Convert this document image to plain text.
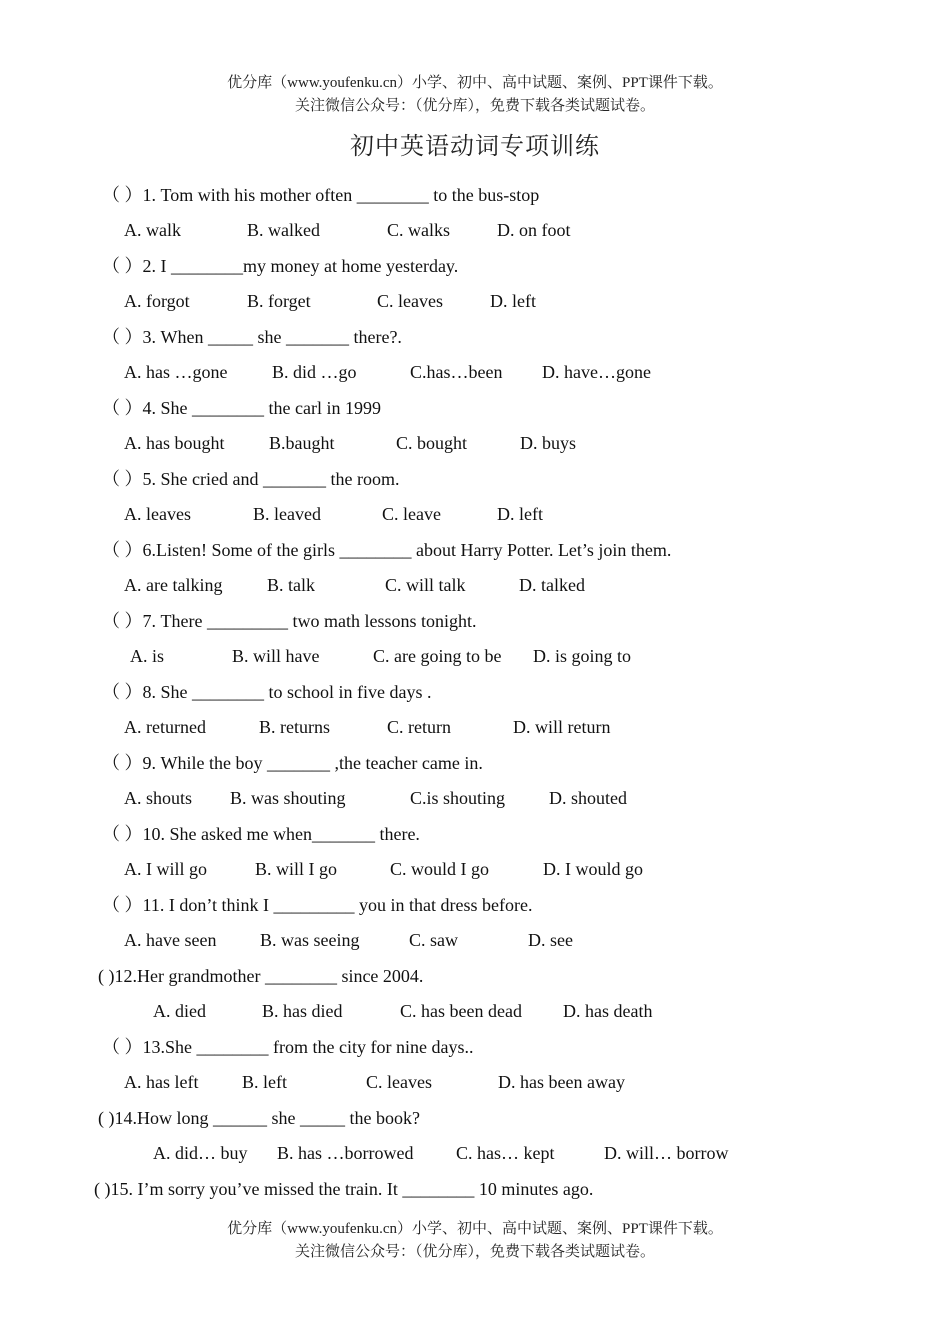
优分库（www.youfenku.cn）小学、初中、高中试题、案例、PPT课件下载。
关注微信公众号：（优分库），免费下载各类试题试卷。
初中英语动词专项训练
（ ）1. Tom with his mother often ________ to the bus-stop
A. walk	B. walked	C. walks	D. on foot
（ ）2. I ________my money at home yesterday.
A. forgot	B. forget	C. leaves	D. left
（ ）3. When _____ she _______ there?.
A. has …gone B. did …go	C.has…been D. have…gone
（ ）4. She ________ the carl in 1999
A. has bought B.baught	C. bought	D. buys
（ ）5. She cried and _______ the room.
A. leaves	B. leaved	C. leave	D. left
（ ）6.Listen! Some of the girls ________ about Harry Potter. Let’s join them.
A. are talking B. talk	C. will talk	D. talked
（ ）7. There _________ two math lessons tonight.
A. is	B. will have	C. are going to be D. is going to
（ ）8. She ________ to school in five days .
A. returned	B. returns	C. return	D. will return
（ ）9. While the boy _______ ,the teacher came in.
A. shouts B. was shouting	C.is shouting D. shouted
（ ）10. She asked me when_______ there.
A. I will go	B. will I go	C. would I go	D. I would go
（ ）11. I don’t think I _________ you in that dress before.
A. have seen B. was seeing	C. saw	D. see
( )12.Her grandmother ________ since 2004.
A. died	B. has died	C. has been dead D. has death
（ ）13.She ________ from the city for nine days..
A. has left B. left	C. leaves	D. has been away
( )14.How long ______ she _____ the book?
A. did… buy B. has …borrowed C. has… kept	D. will… borrow
( )15. I’m sorry you’ve missed the train. It ________ 10 minutes ago.
优分库（www.youfenku.cn）小学、初中、高中试题、案例、PPT课件下载。
关注微信公众号：（优分库），免费下载各类试题试卷。
